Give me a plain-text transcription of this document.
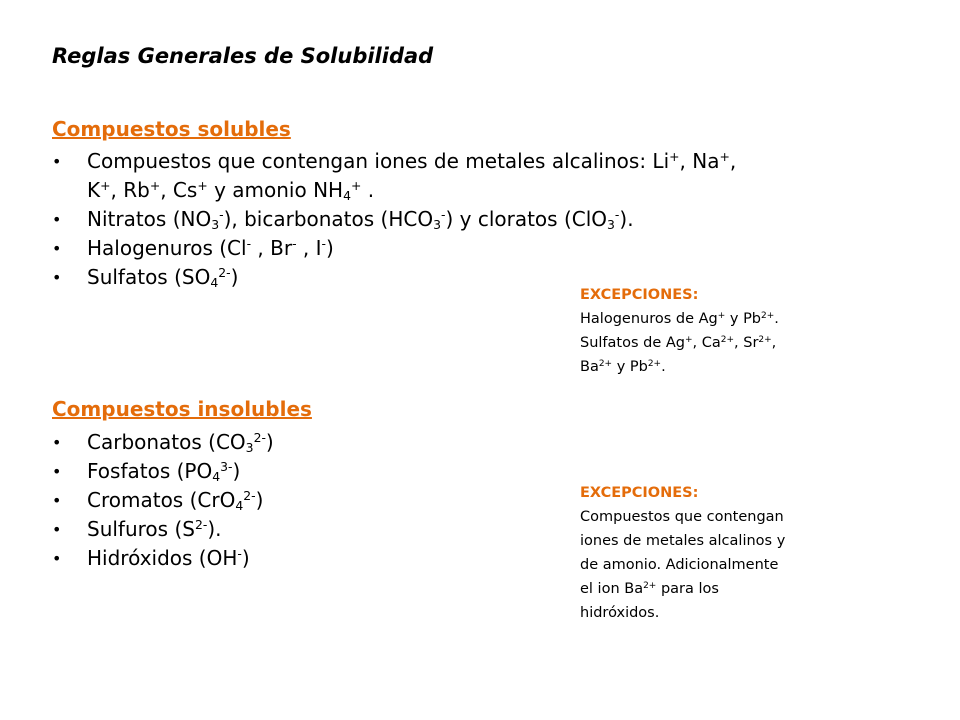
Reglas Generales de Solubilidad
Compuestos solubles
•	Compuestos que contengan iones de metales alcalinos: Li+, Na+,
K+, Rb+, Cs+ y amonio $NH_4^+$ .
•	Nitratos $(NO_3^-)$, bicarbonatos $(HCO_3^-)$ y cloratos (ClO$_3$-).
•	Halogenuros (Cl- , Br- , I-)
•	Sulfatos $(SO_4^{2-})$
Compuestos insolubles
•	Carbonatos $(CO_3^{2-})$
•	Fosfatos $(PO_4^{3-})$
•	Cromatos (CrO$_4^{2-}$)
•	Sulfuros $(S^{2-})$.
•	Hidróxidos (OH-)
EXCEPCIONES:
Halogenuros de Ag+ y $Pb^{2+}$.
Sulfatos de Ag+, $Ca^{2+}$, $Sr^{2+}$,
$Ba^{2+}$ y $Pb^{2+}$.
EXCEPCIONES:
Compuestos que contengan
iones de metales alcalinos y
de amonio. Adicionalmente
el ion $Ba^{2+}$ para los
hidróxidos.
